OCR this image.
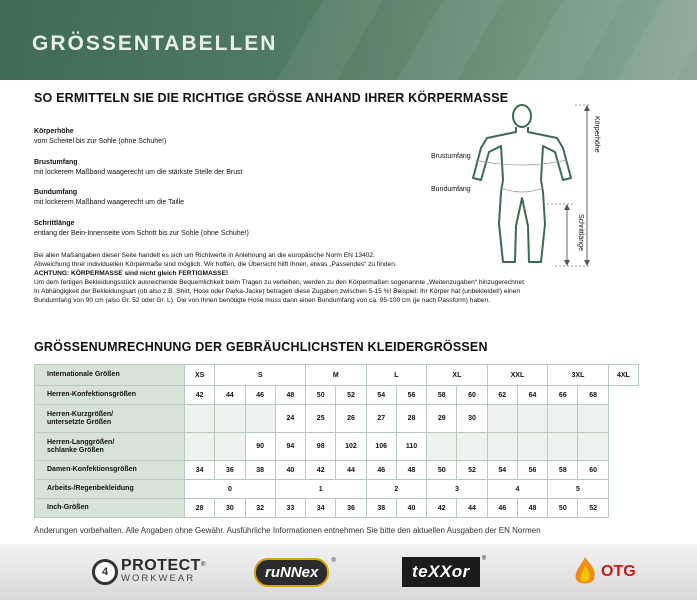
GRÖSSENTABELLEN
SO ERMITTELN SIE DIE RICHTIGE GRÖSSE ANHAND IHRER KÖRPERMASSE
Körperhöhe
vom Scheitel bis zur Sohle (ohne Schuhe!)
Brustumfang
mit lockerem Maßband waagerecht um die stärkste Stelle der Brust
Bundumfang
mit lockerem Maßband waagerecht um die Taille
Schrittlänge
entlang der Bein-Innenseite vom Schritt bis zur Sohle (ohne Schuhe!)
Bei allen Maßangaben dieser Seite handelt es sich um Richtwerte in Anlehnung an die europäische Norm EN 13402.
Abweichung Ihrer individuellen Körpermaße sind möglich. Wir hoffen, die Übersicht hilft Ihnen, etwas „Passendes“ zu finden.
ACHTUNG: KÖRPERMASSE sind nicht gleich FERTIGMASSE!
Um dem fertigen Bekleidungsstück ausreichende Bequemlichkeit beim Tragen zu verleihen, werden zu den Körpermaßen sogenannte „Weitenzugaben“ hinzugerechnet.
In Abhängigkeit der Bekleidungsart (ob also z.B. Shirt, Hose oder Parka-Jacke) betragen diese Zugaben zwischen 5-15 %! Beispiel: Ihr Körper hat (unbekleidet!) einen
Bundumfang von 90 cm (also Gr. 52 oder Gr. L). Die von Ihnen benötigte Hose muss dann einen Bundumfang von ca. 95-100 cm (je nach Passform) haben.
Brustumfang
Bundumfang
Körperhöhe
Schrittlänge
GRÖSSENUMRECHNUNG DER GEBRÄUCHLICHSTEN KLEIDERGRÖSSEN
Internationale Größen	XS	S			M		L		XL		XXL		3XL		4XL
Herren-Konfektionsgrößen	42	44	46	48	50	52	54	56	58	60	62	64	66	68	
Herren-Kurzgrößen/
untersetzte Größen				24	25	26	27	28	29	30					
Herren-Langgrößen/
schlanke Größen			90	94	98	102	106	110							
Damen-Konfektionsgrößen	34	36	38	40	42	44	46	48	50	52	54	56	58	60	
Arbeits-/Regenbekleidung	0			1			2		3		4		5		
Inch-Größen	28	30	32	33	34	36	38	40	42	44	46	48	50	52	
Änderungen vorbehalten. Alle Angaben ohne Gewähr. Ausführliche Informationen entnehmen Sie bitte den aktuellen Ausgaben der EN Normen
4 PROTECT®
WORKWEAR	ruNNex
®
teXXor
®
OTG
